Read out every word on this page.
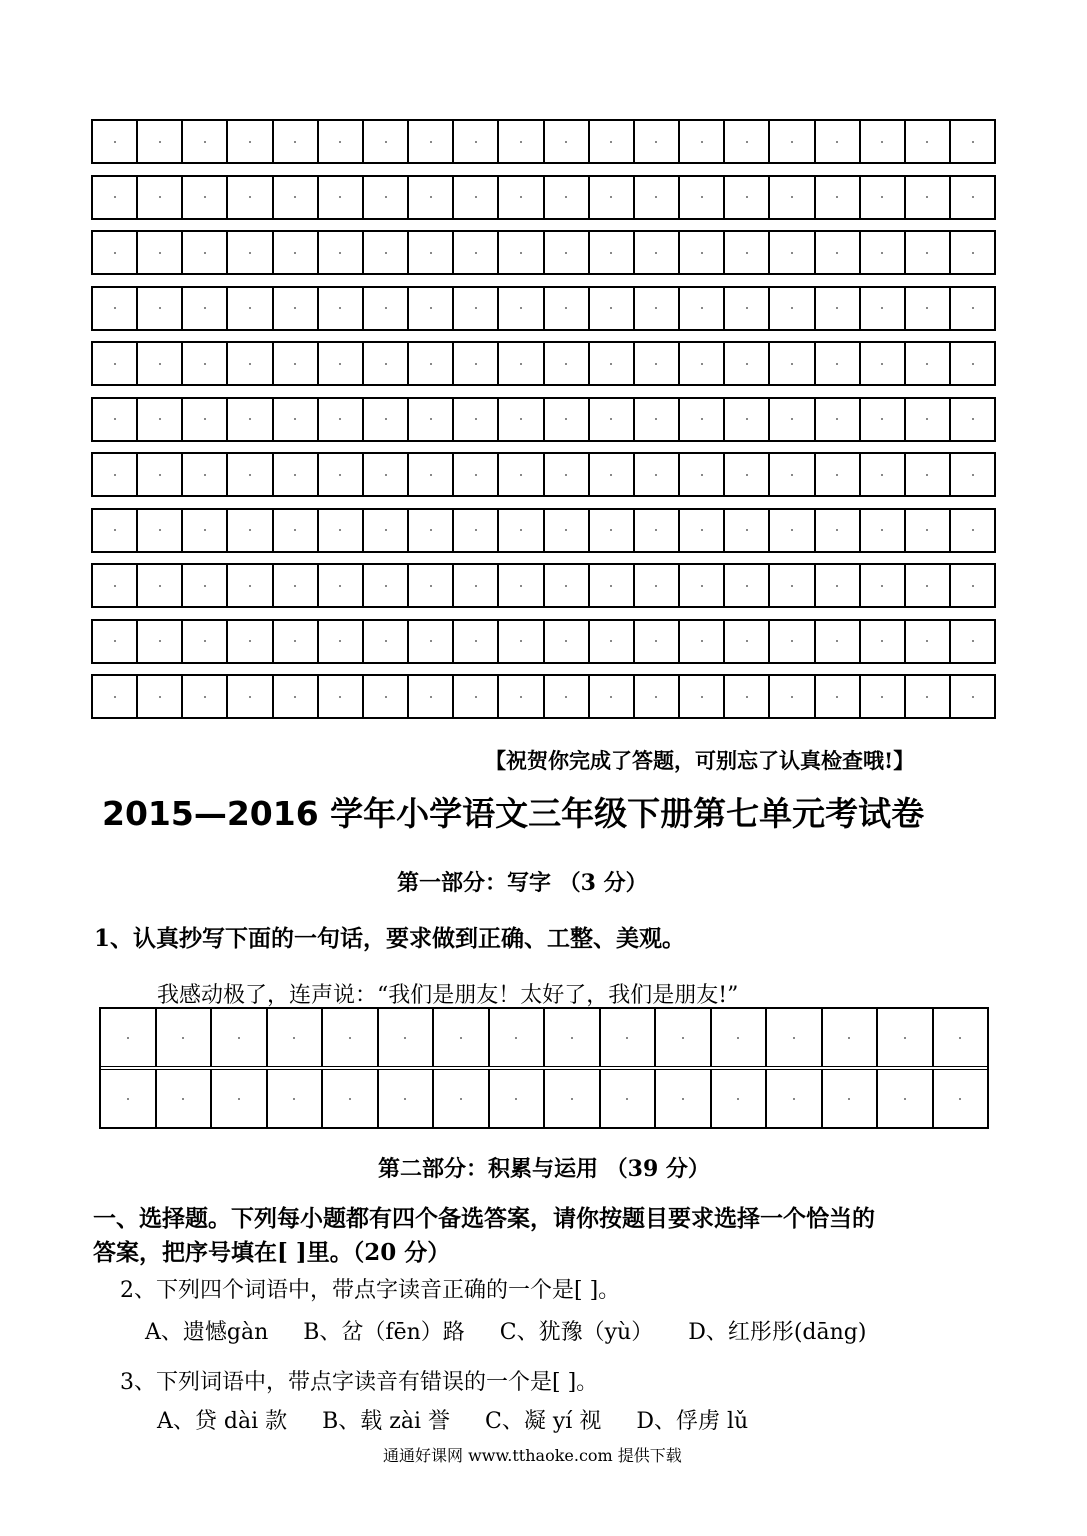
【祝贺你完成了答题，可别忘了认真检查哦!】
2015—2016 学年小学语文三年级下册第七单元考试卷
第一部分：写字 （3 分）
1、认真抄写下面的一句话，要求做到正确、工整、美观。
我感动极了，连声说：“我们是朋友！太好了，我们是朋友!”
第二部分：积累与运用 （39 分）
一、选择题。下列每小题都有四个备选答案，请你按题目要求选择一个恰当的
答案，把序号填在[ ]里。（20 分）
2、下列四个词语中，带点字读音正确的一个是[ ]。
A、遗憾gàn B、岔（fēn）路 C、犹豫（yù） D、红彤彤(dāng)
3、下列词语中，带点字读音有错误的一个是[ ]。
A、贷 dài 款 B、载 zài 誉 C、凝 yí 视 D、俘虏 lǔ
通通好课网 www.tthaoke.com 提供下载
